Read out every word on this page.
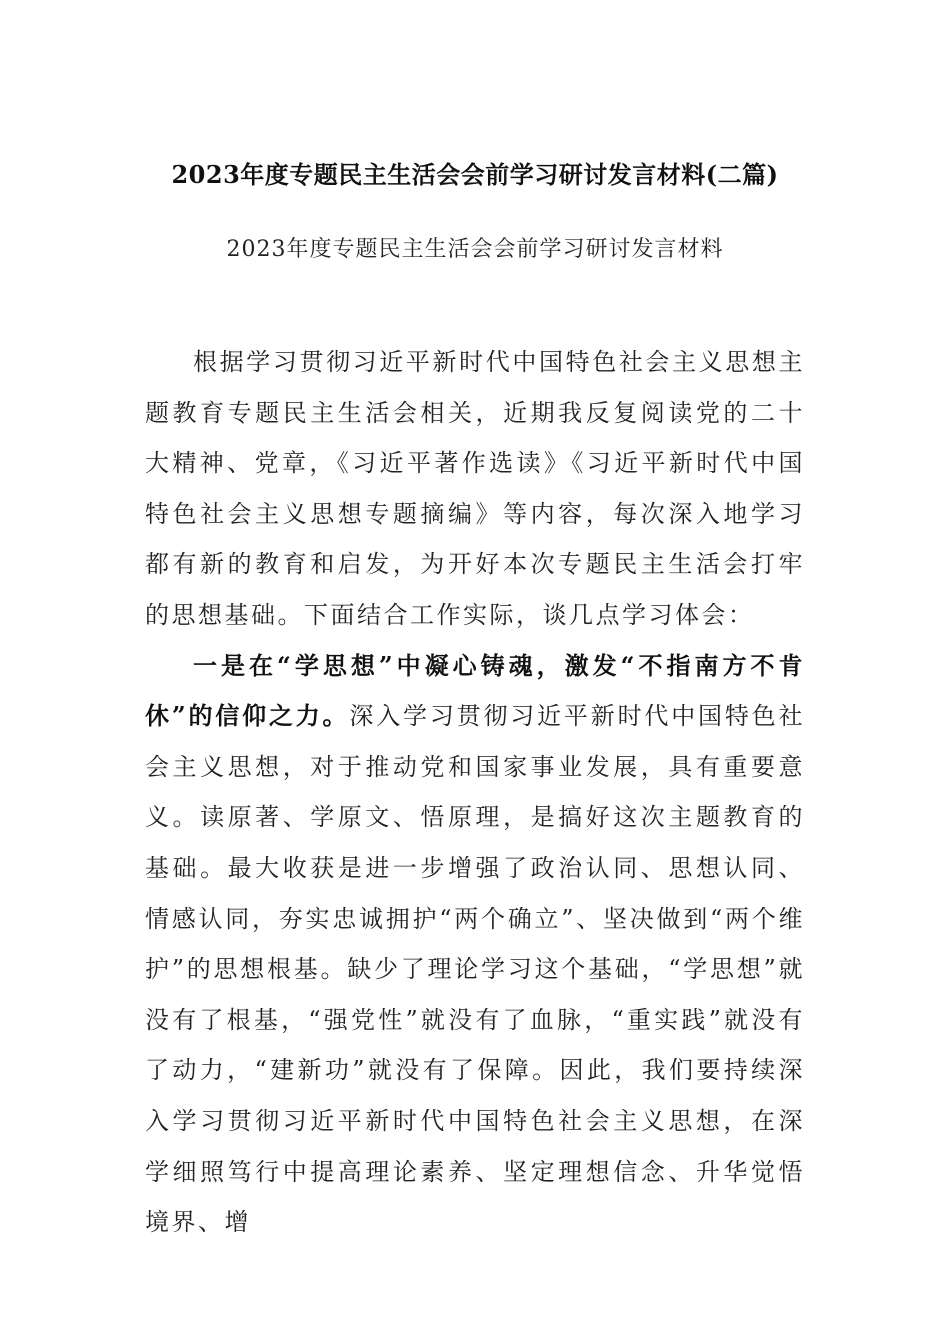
2023年度专题民主生活会会前学习研讨发言材料(二篇)
2023年度专题民主生活会会前学习研讨发言材料

根据学习贯彻习近平新时代中国特色社会主义思想主题教育专题民主生活会相关，近期我反复阅读党的二十大精神、党章，《习近平著作选读》《习近平新时代中国特色社会主义思想专题摘编》等内容，每次深入地学习都有新的教育和启发，为开好本次专题民主生活会打牢的思想基础。下面结合工作实际，谈几点学习体会：

一是在“学思想”中凝心铸魂，激发“不指南方不肯休”的信仰之力。深入学习贯彻习近平新时代中国特色社会主义思想，对于推动党和国家事业发展，具有重要意义。读原著、学原文、悟原理，是搞好这次主题教育的基础。最大收获是进一步增强了政治认同、思想认同、情感认同，夯实忠诚拥护“两个确立”、坚决做到“两个维护”的思想根基。缺少了理论学习这个基础，“学思想”就没有了根基，“强党性”就没有了血脉，“重实践”就没有了动力，“建新功”就没有了保障。因此，我们要持续深入学习贯彻习近平新时代中国特色社会主义思想，在深学细照笃行中提高理论素养、坚定理想信念、升华觉悟境界、增
